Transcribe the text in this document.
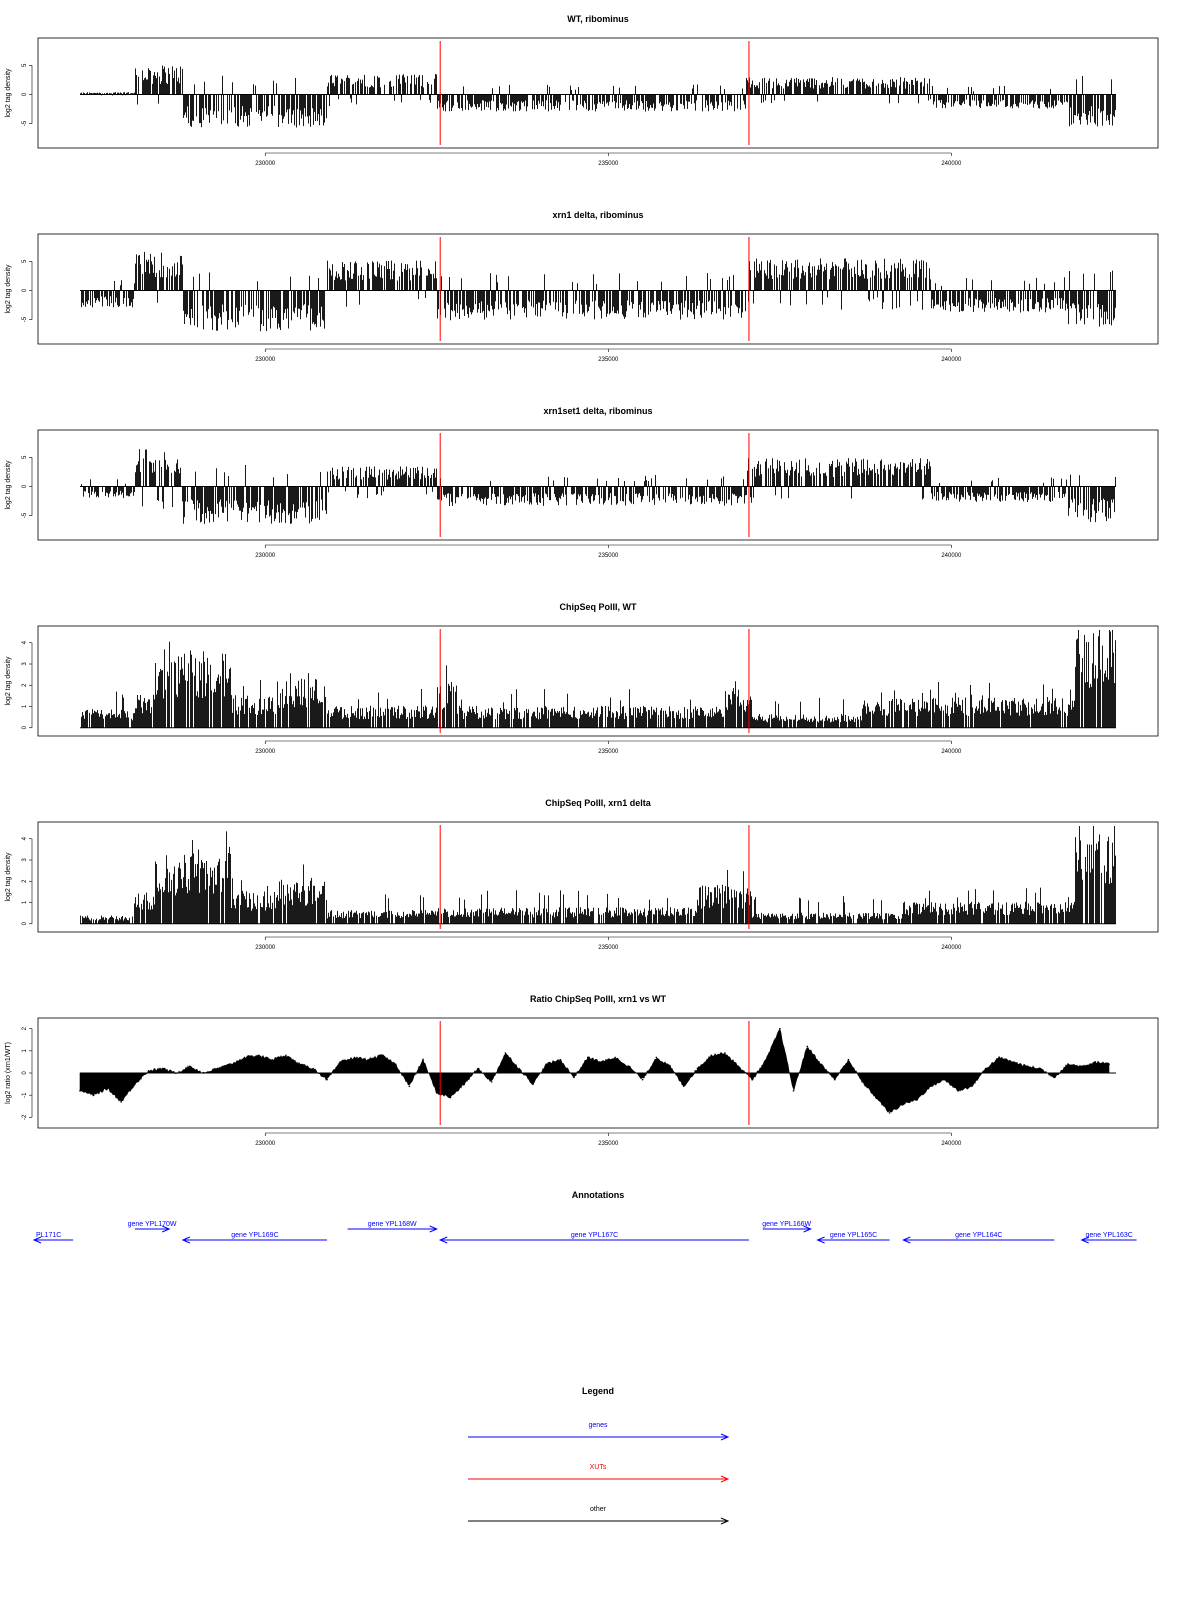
WT, ribominus
log2 tag density
-5
0
5
230000	235000	240000
xrn1 delta, ribominus
log2 tag density
-5
0
5
230000	235000	240000
xrn1set1 delta, ribominus
log2 tag density
-5
0
5
230000	235000	240000
ChipSeq PolII, WT
log2 tag density
0
1
2
3
4
230000	235000	240000
ChipSeq PolII, xrn1 delta
log2 tag density
0
1
2
3
4
230000	235000	240000
Ratio ChipSeq PolII, xrn1 vs WT
log2 ratio (xrn1/WT)
-2
-1
0
1
2
230000	235000	240000
Annotations
PL171C
gene YPL170W
gene YPL169C
gene YPL168W
gene YPL167C
gene YPL166W
gene YPL165C	gene YPL164C	gene YPL163C
Legend
genes
XUTs
other
